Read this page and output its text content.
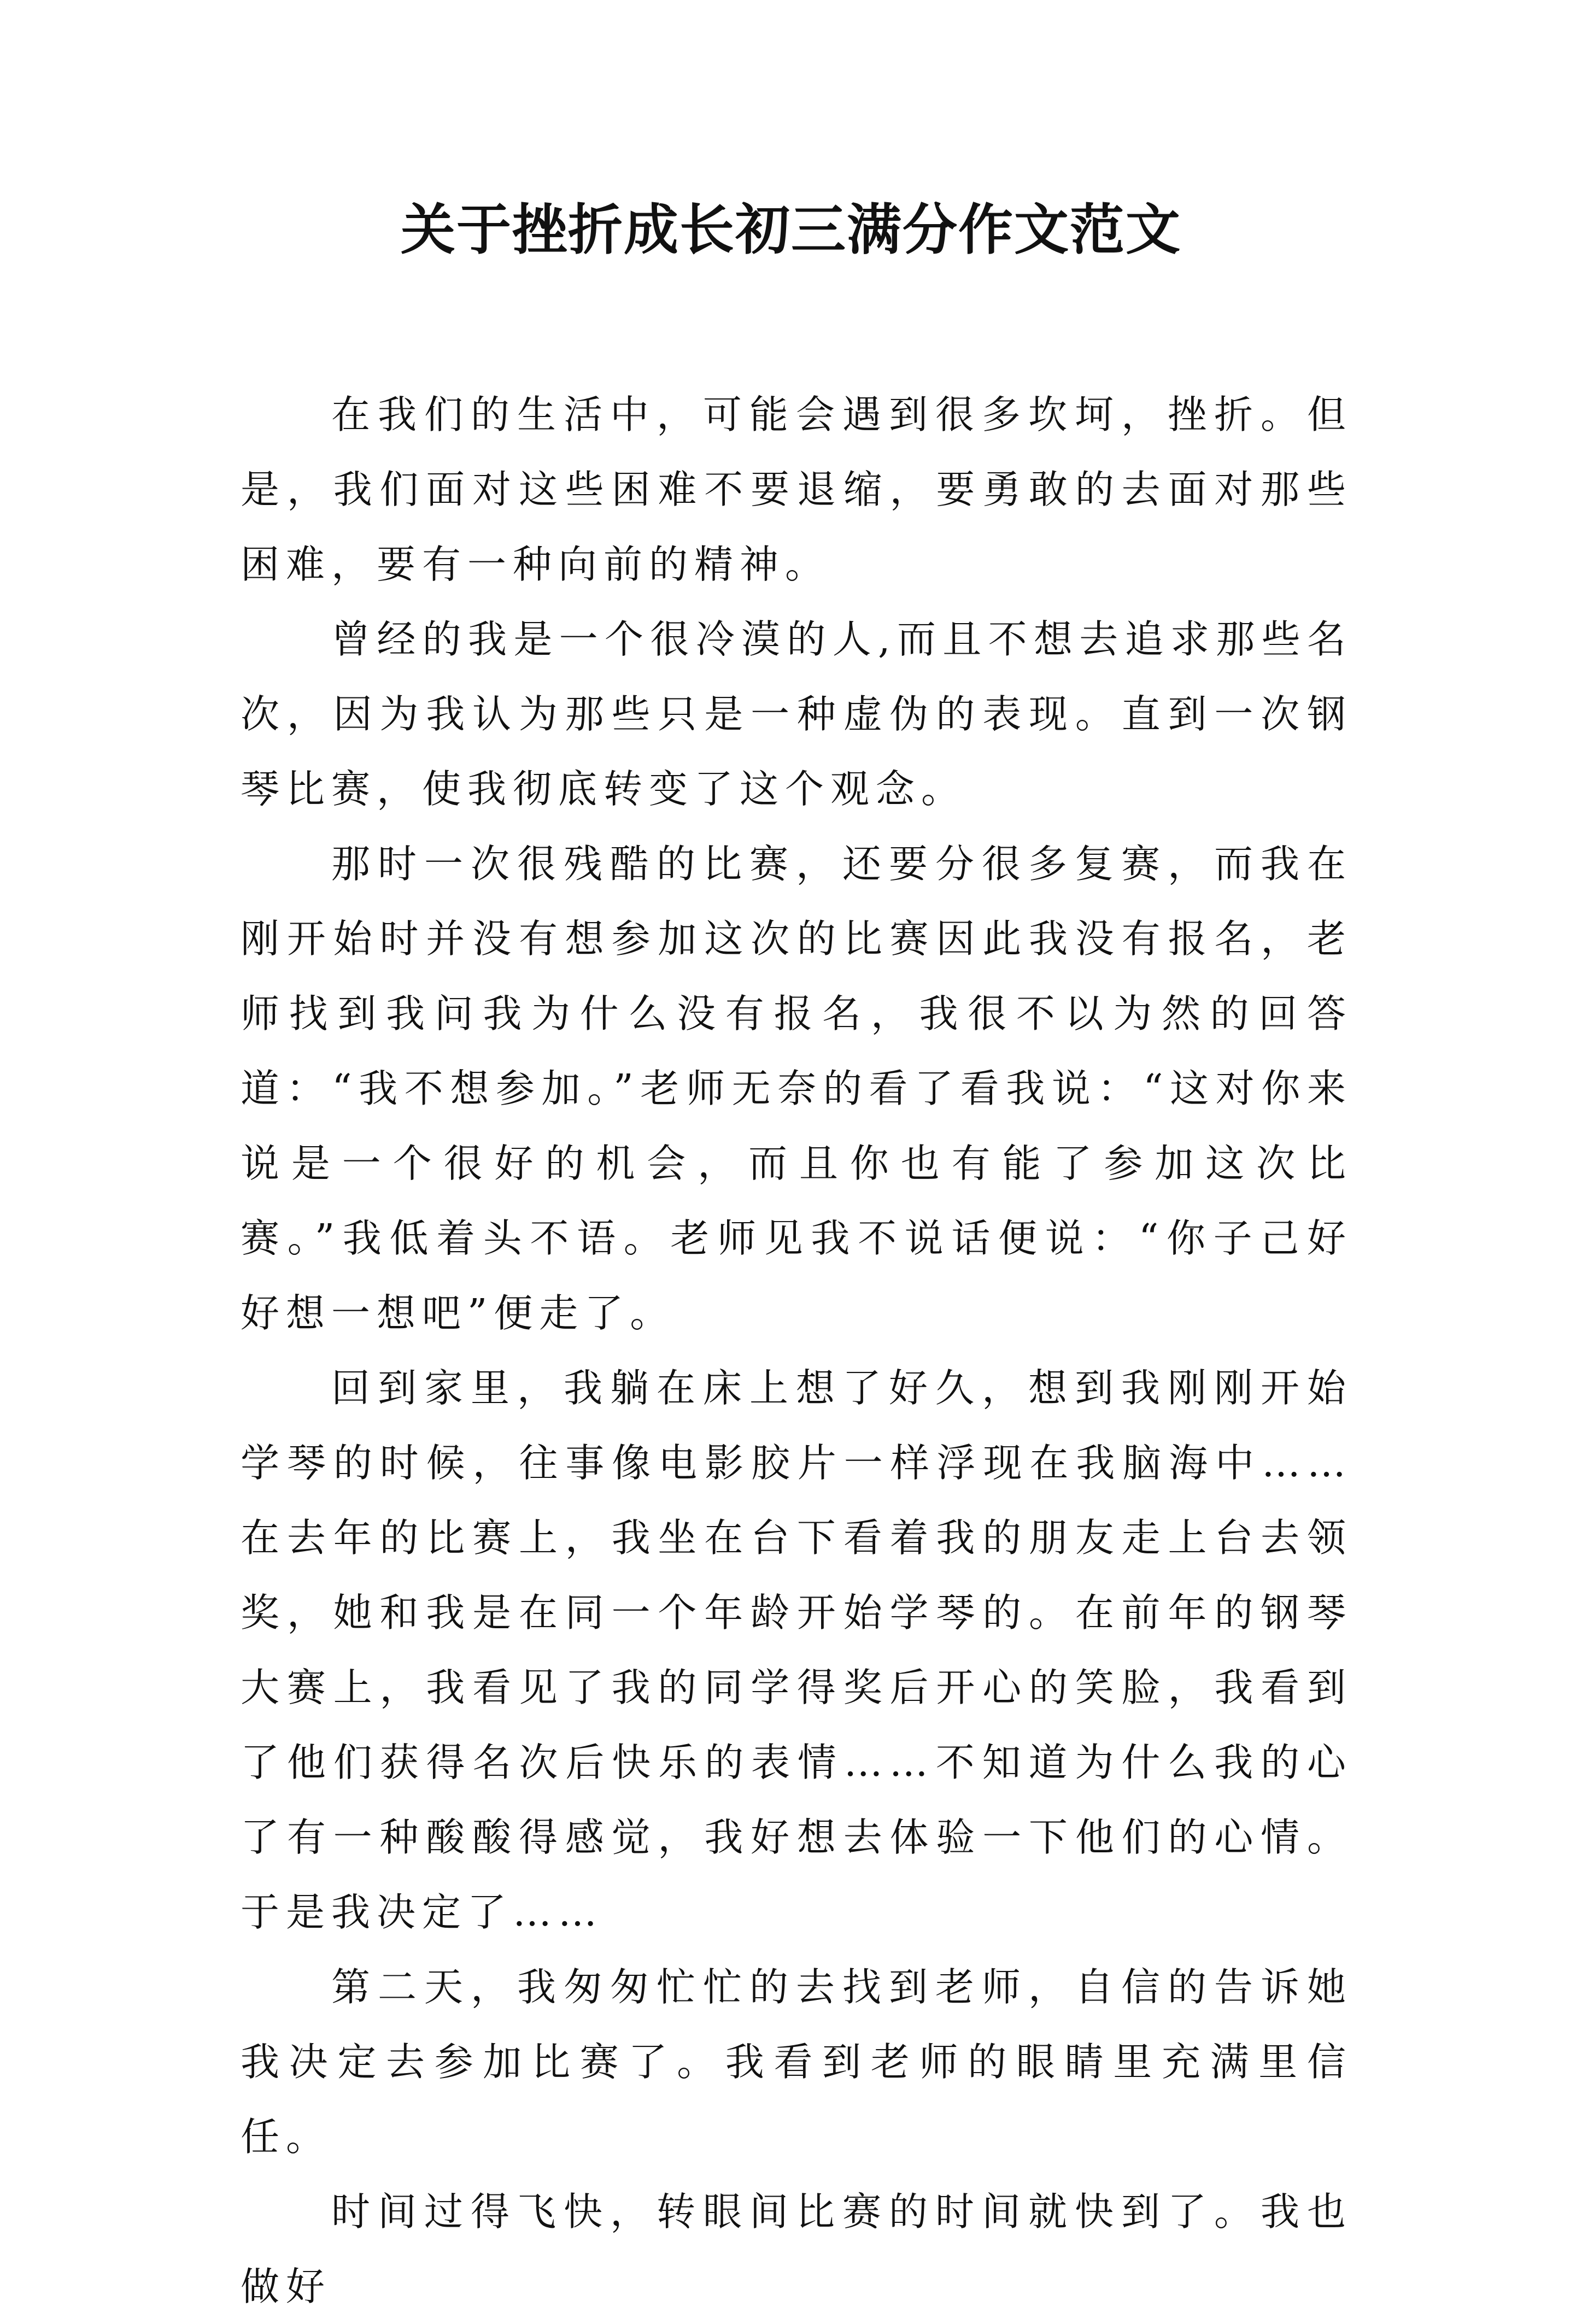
关于挫折成长初三满分作文范文

在我们的生活中，可能会遇到很多坎坷，挫折。但是，我们面对这些困难不要退缩，要勇敢的去面对那些困难，要有一种向前的精神。

曾经的我是一个很冷漠的人,而且不想去追求那些名次，因为我认为那些只是一种虚伪的表现。直到一次钢琴比赛，使我彻底转变了这个观念。

那时一次很残酷的比赛，还要分很多复赛，而我在刚开始时并没有想参加这次的比赛因此我没有报名，老师找到我问我为什么没有报名，我很不以为然的回答道：“我不想参加。”老师无奈的看了看我说：“这对你来说是一个很好的机会，而且你也有能了参加这次比赛。”我低着头不语。老师见我不说话便说：“你子己好好想一想吧”便走了。

回到家里，我躺在床上想了好久，想到我刚刚开始学琴的时候，往事像电影胶片一样浮现在我脑海中……在去年的比赛上，我坐在台下看着我的朋友走上台去领奖，她和我是在同一个年龄开始学琴的。在前年的钢琴大赛上，我看见了我的同学得奖后开心的笑脸，我看到了他们获得名次后快乐的表情……不知道为什么我的心了有一种酸酸得感觉，我好想去体验一下他们的心情。于是我决定了……

第二天，我匆匆忙忙的去找到老师，自信的告诉她我决定去参加比赛了。我看到老师的眼睛里充满里信任。

时间过得飞快，转眼间比赛的时间就快到了。我也做好
